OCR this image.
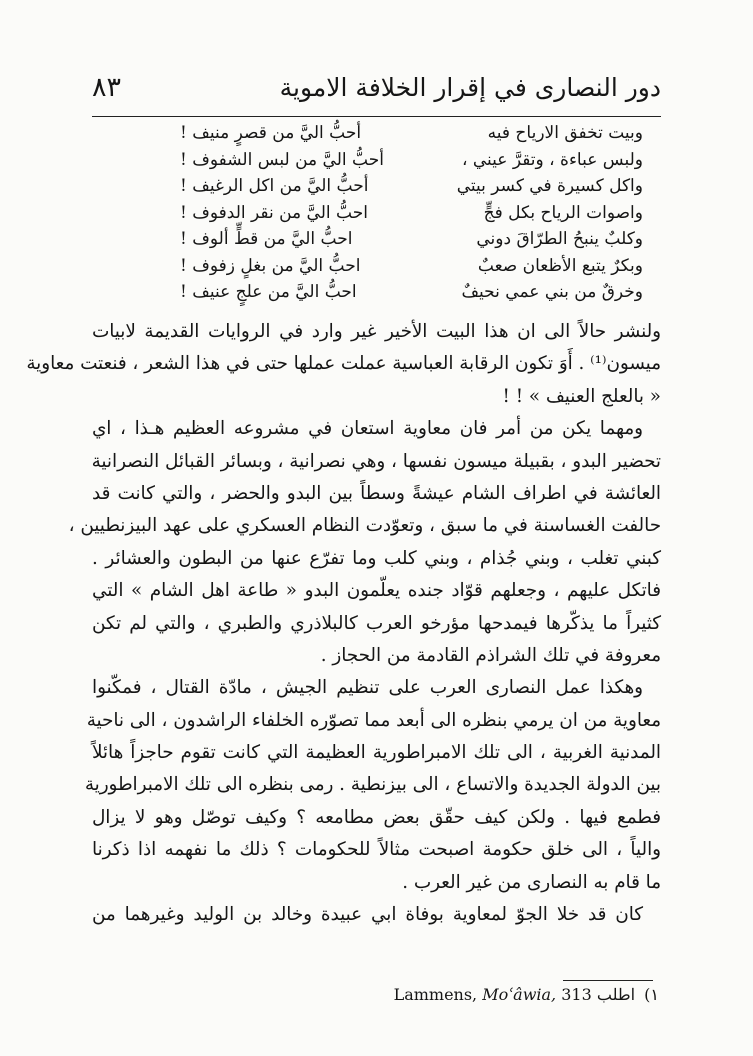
دور النصارى في إقرار الخلافة الاموية
٨٣
وبيت تخفق الارياح فيه
أحبُّ اليَّ من قصرٍ منيف !
ولبس عباءة ، وتقرَّ عيني ،
أحبُّ اليَّ من لبس الشفوف !
واكل كسيرة في كسر بيتي
أحبُّ اليَّ من اكل الرغيف !
واصوات الرياح بكل فجٍّ
احبُّ اليَّ من نقر الدفوف !
وكلبٌ ينبحُ الطرّاقَ دوني
احبُّ اليَّ من قطٍّ ألوف !
وبكرٌ يتبع الأظعان صعبٌ
احبُّ اليَّ من بغلٍ زفوف !
وخرقٌ من بني عمي نحيفٌ
احبُّ اليَّ من علجٍ عنيف !
ولنشر حالاً الى ان هذا البيت الأخير غير وارد في الروايات القديمة لابيات
ميسون⁽¹⁾ . أَوَ تكون الرقابة العباسية عملت عملها حتى في هذا الشعر ، فنعتت معاوية
« بالعلج العنيف » ! !
ومهما يكن من أمر فان معاوية استعان في مشروعه العظيم هـذا ، اي
تحضير البدو ، بقبيلة ميسون نفسها ، وهي نصرانية ، وبسائر القبائل النصرانية
العائشة في اطراف الشام عيشةً وسطاً بين البدو والحضر ، والتي كانت قد
حالفت الغساسنة في ما سبق ، وتعوّدت النظام العسكري على عهد البيزنطيين ،
كبني تغلب ، وبني جُذام ، وبني كلب وما تفرّع عنها من البطون والعشائر .
فاتكل عليهم ، وجعلهم قوّاد جنده يعلّمون البدو « طاعة اهل الشام » التي
كثيراً ما يذكّرها فيمدحها مؤرخو العرب كالبلاذري والطبري ، والتي لم تكن
معروفة في تلك الشراذم القادمة من الحجاز .
وهكذا عمل النصارى العرب على تنظيم الجيش ، مادّة القتال ، فمكّنوا
معاوية من ان يرمي بنظره الى أبعد مما تصوّره الخلفاء الراشدون ، الى ناحية
المدنية الغربية ، الى تلك الامبراطورية العظيمة التي كانت تقوم حاجزاً هائلاً
بين الدولة الجديدة والاتساع ، الى بيزنطية . رمى بنظره الى تلك الامبراطورية
فطمع فيها . ولكن كيف حقّق بعض مطامعه ؟ وكيف توصّل وهو لا يزال
والياً ، الى خلق حكومة اصبحت مثالاً للحكومات ؟ ذلك ما نفهمه اذا ذكرنا
ما قام به النصارى من غير العرب .
كان قد خلا الجوّ لمعاوية بوفاة ابي عبيدة وخالد بن الوليد وغيرهما من
١) اطلب Lammens, Moʿâwia, 313
